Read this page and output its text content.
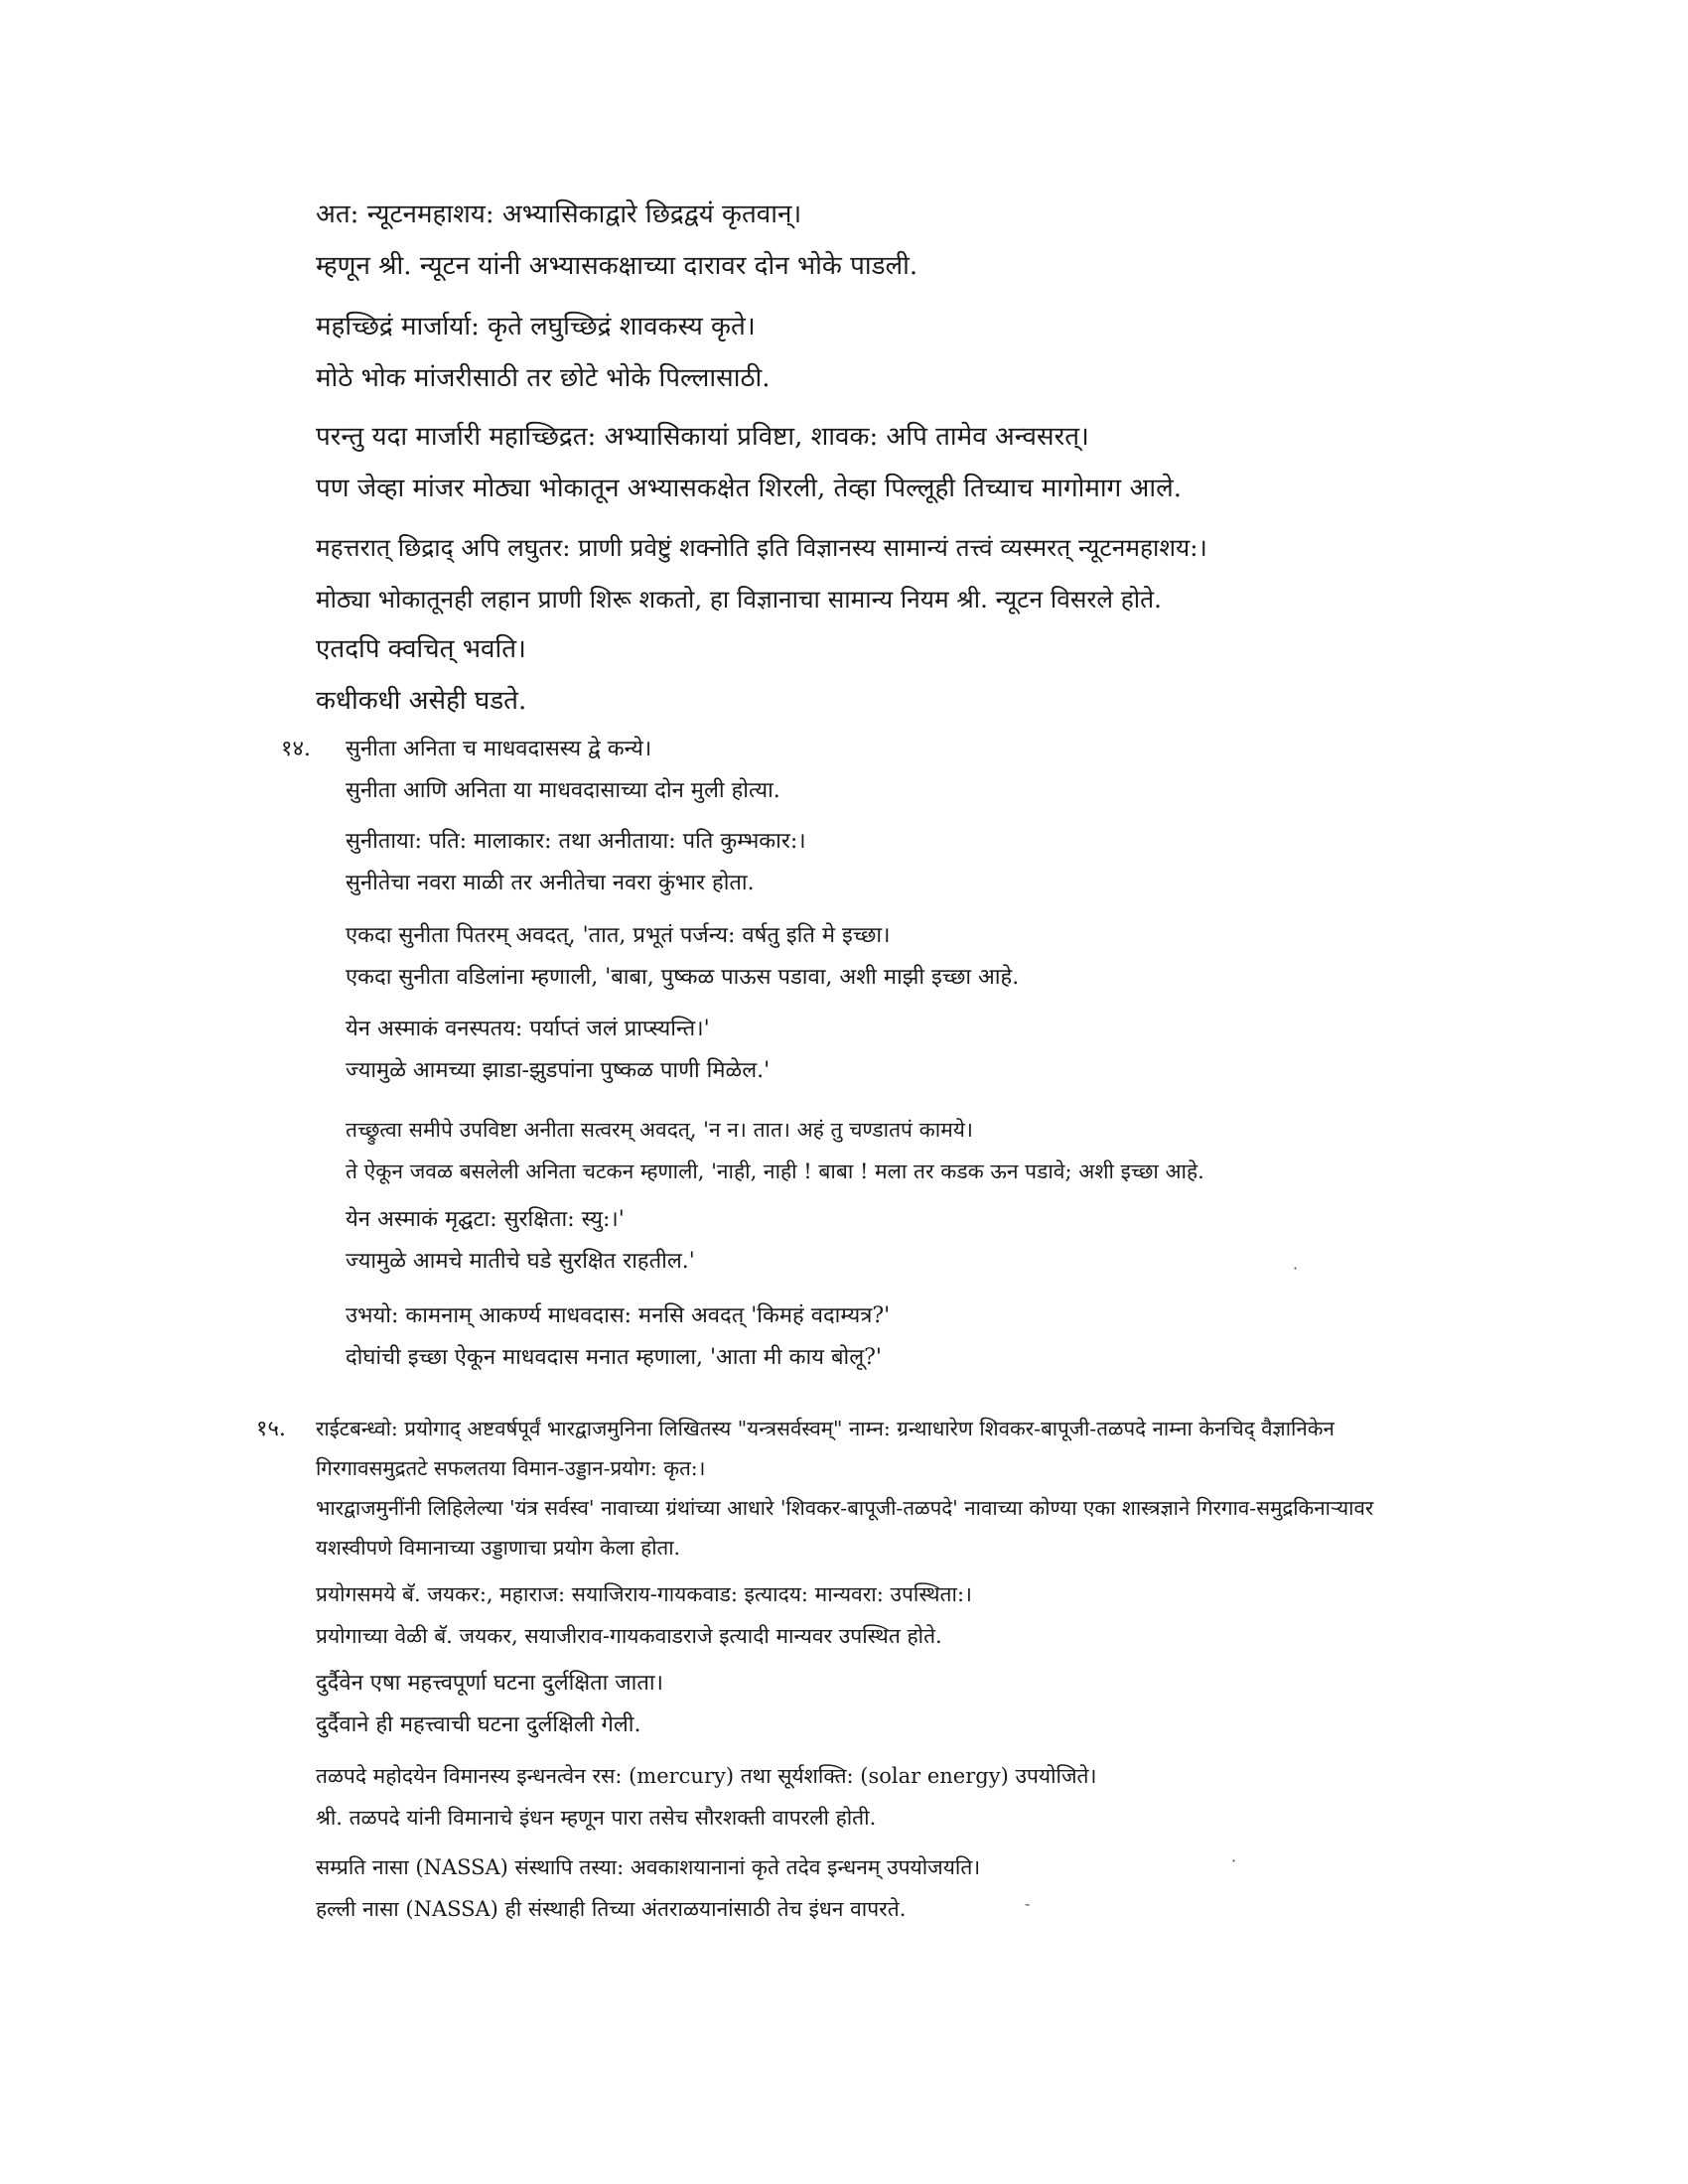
अत: न्यूटनमहाशय: अभ्यासिकाद्वारे छिद्रद्वयं कृतवान्।
म्हणून श्री. न्यूटन यांनी अभ्यासकक्षाच्या दारावर दोन भोके पाडली.
महच्छिद्रं मार्जार्या: कृते लघुच्छिद्रं शावकस्य कृते।
मोठे भोक मांजरीसाठी तर छोटे भोके पिल्लासाठी.
परन्तु यदा मार्जारी महाच्छिद्रत: अभ्यासिकायां प्रविष्टा, शावक: अपि तामेव अन्वसरत्।
पण जेव्हा मांजर मोठ्या भोकातून अभ्यासकक्षेत शिरली, तेव्हा पिल्लूही तिच्याच मागोमाग आले.
महत्तरात् छिद्राद् अपि लघुतर: प्राणी प्रवेष्टुं शक्नोति इति विज्ञानस्य सामान्यं तत्त्वं व्यस्मरत् न्यूटनमहाशय:।
मोठ्या भोकातूनही लहान प्राणी शिरू शकतो, हा विज्ञानाचा सामान्य नियम श्री. न्यूटन विसरले होते.
एतदपि क्वचित् भवति।
कधीकधी असेही घडते.
१४. सुनीता अनिता च माधवदासस्य द्वे कन्ये।
सुनीता आणि अनिता या माधवदासाच्या दोन मुली होत्या.
सुनीताया: पति: मालाकार: तथा अनीताया: पति कुम्भकार:।
सुनीतेचा नवरा माळी तर अनीतेचा नवरा कुंभार होता.
एकदा सुनीता पितरम् अवदत्, 'तात, प्रभूतं पर्जन्य: वर्षतु इति मे इच्छा।
एकदा सुनीता वडिलांना म्हणाली, 'बाबा, पुष्कळ पाऊस पडावा, अशी माझी इच्छा आहे.
येन अस्माकं वनस्पतय: पर्याप्तं जलं प्राप्स्यन्ति।'
ज्यामुळे आमच्या झाडा-झुडपांना पुष्कळ पाणी मिळेल.'
तच्छ्रुत्वा समीपे उपविष्टा अनीता सत्वरम् अवदत्, 'न न। तात। अहं तु चण्डातपं कामये।
ते ऐकून जवळ बसलेली अनिता चटकन म्हणाली, 'नाही, नाही ! बाबा ! मला तर कडक ऊन पडावे; अशी इच्छा आहे.
येन अस्माकं मृद्घटा: सुरक्षिता: स्यु:।'
ज्यामुळे आमचे मातीचे घडे सुरक्षित राहतील.'
उभयो: कामनाम् आकर्ण्य माधवदास: मनसि अवदत् 'किमहं वदाम्यत्र?'
दोघांची इच्छा ऐकून माधवदास मनात म्हणाला, 'आता मी काय बोलू?'
१५. राईटबन्ध्वो: प्रयोगाद् अष्टवर्षपूर्वं भारद्वाजमुनिना लिखितस्य "यन्त्रसर्वस्वम्" नाम्न: ग्रन्थाधारेण शिवकर-बापूजी-तळपदे नाम्ना केनचिद् वैज्ञानिकेन गिरगावसमुद्रतटे सफलतया विमान-उड्डान-प्रयोग: कृत:।
भारद्वाजमुनींनी लिहिलेल्या 'यंत्र सर्वस्व' नावाच्या ग्रंथांच्या आधारे 'शिवकर-बापूजी-तळपदे' नावाच्या कोण्या एका शास्त्रज्ञाने गिरगाव-समुद्रकिनाऱ्यावर यशस्वीपणे विमानाच्या उड्डाणाचा प्रयोग केला होता.
प्रयोगसमये बॅ. जयकर:, महाराज: सयाजिराय-गायकवाड: इत्यादय: मान्यवरा: उपस्थिता:।
प्रयोगाच्या वेळी बॅ. जयकर, सयाजीराव-गायकवाडराजे इत्यादी मान्यवर उपस्थित होते.
दुर्दैवेन एषा महत्त्वपूर्णा घटना दुर्लक्षिता जाता।
दुर्दैवाने ही महत्त्वाची घटना दुर्लक्षिली गेली.
तळपदे महोदयेन विमानस्य इन्धनत्वेन रस: (mercury) तथा सूर्यशक्ति: (solar energy) उपयोजिते।
श्री. तळपदे यांनी विमानाचे इंधन म्हणून पारा तसेच सौरशक्ती वापरली होती.
सम्प्रति नासा (NASSA) संस्थापि तस्या: अवकाशयानानां कृते तदेव इन्धनम् उपयोजयति।
हल्ली नासा (NASSA) ही संस्थाही तिच्या अंतराळयानांसाठी तेच इंधन वापरते.
·
·
-
